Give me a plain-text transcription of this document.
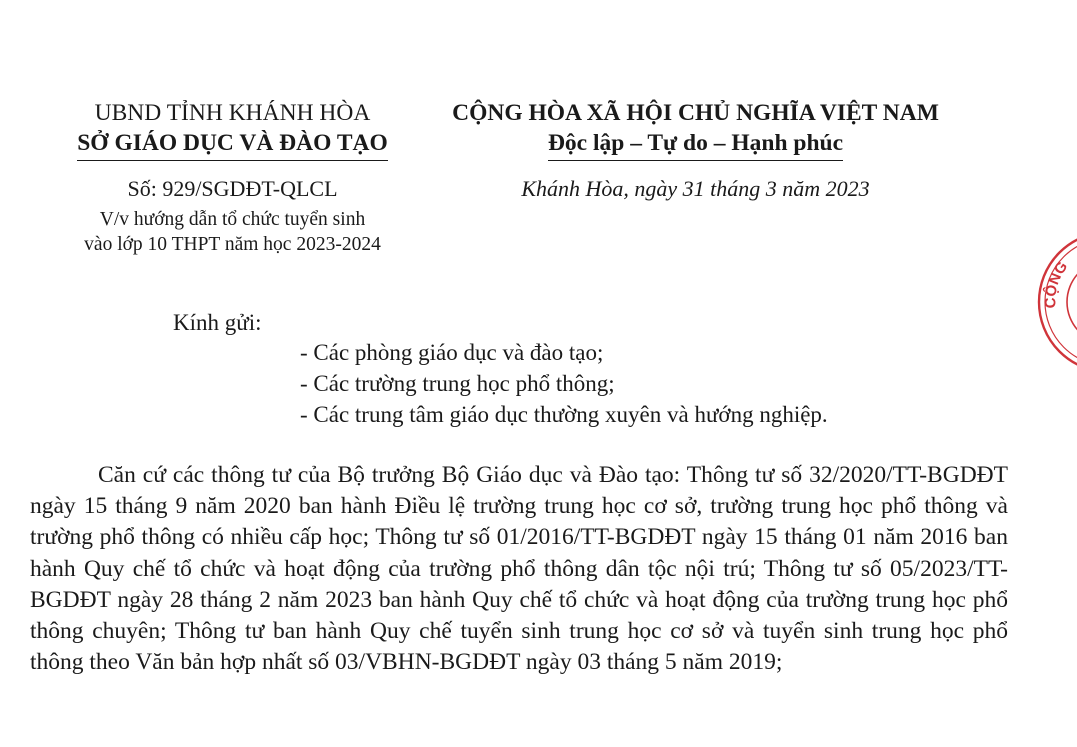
UBND TỈNH KHÁNH HÒA
SỞ GIÁO DỤC VÀ ĐÀO TẠO
Số: 929/SGDĐT-QLCL
V/v hướng dẫn tổ chức tuyển sinh
vào lớp 10 THPT năm học 2023-2024
CỘNG HÒA XÃ HỘI CHỦ NGHĨA VIỆT NAM
Độc lập – Tự do – Hạnh phúc
Khánh Hòa, ngày 31 tháng 3 năm 2023
Kính gửi:
- Các phòng giáo dục và đào tạo;
- Các trường trung học phổ thông;
- Các trung tâm giáo dục thường xuyên và hướng nghiệp.
Căn cứ các thông tư của Bộ trưởng Bộ Giáo dục và Đào tạo: Thông tư số 32/2020/TT-BGDĐT ngày 15 tháng 9 năm 2020 ban hành Điều lệ trường trung học cơ sở, trường trung học phổ thông và trường phổ thông có nhiều cấp học; Thông tư số 01/2016/TT-BGDĐT ngày 15 tháng 01 năm 2016 ban hành Quy chế tổ chức và hoạt động của trường phổ thông dân tộc nội trú; Thông tư số 05/2023/TT-BGDĐT ngày 28 tháng 2 năm 2023 ban hành Quy chế tổ chức và hoạt động của trường trung học phổ thông chuyên; Thông tư ban hành Quy chế tuyển sinh trung học cơ sở và tuyển sinh trung học phổ thông theo Văn bản hợp nhất số 03/VBHN-BGDĐT ngày 03 tháng 5 năm 2019;
CỘNG
